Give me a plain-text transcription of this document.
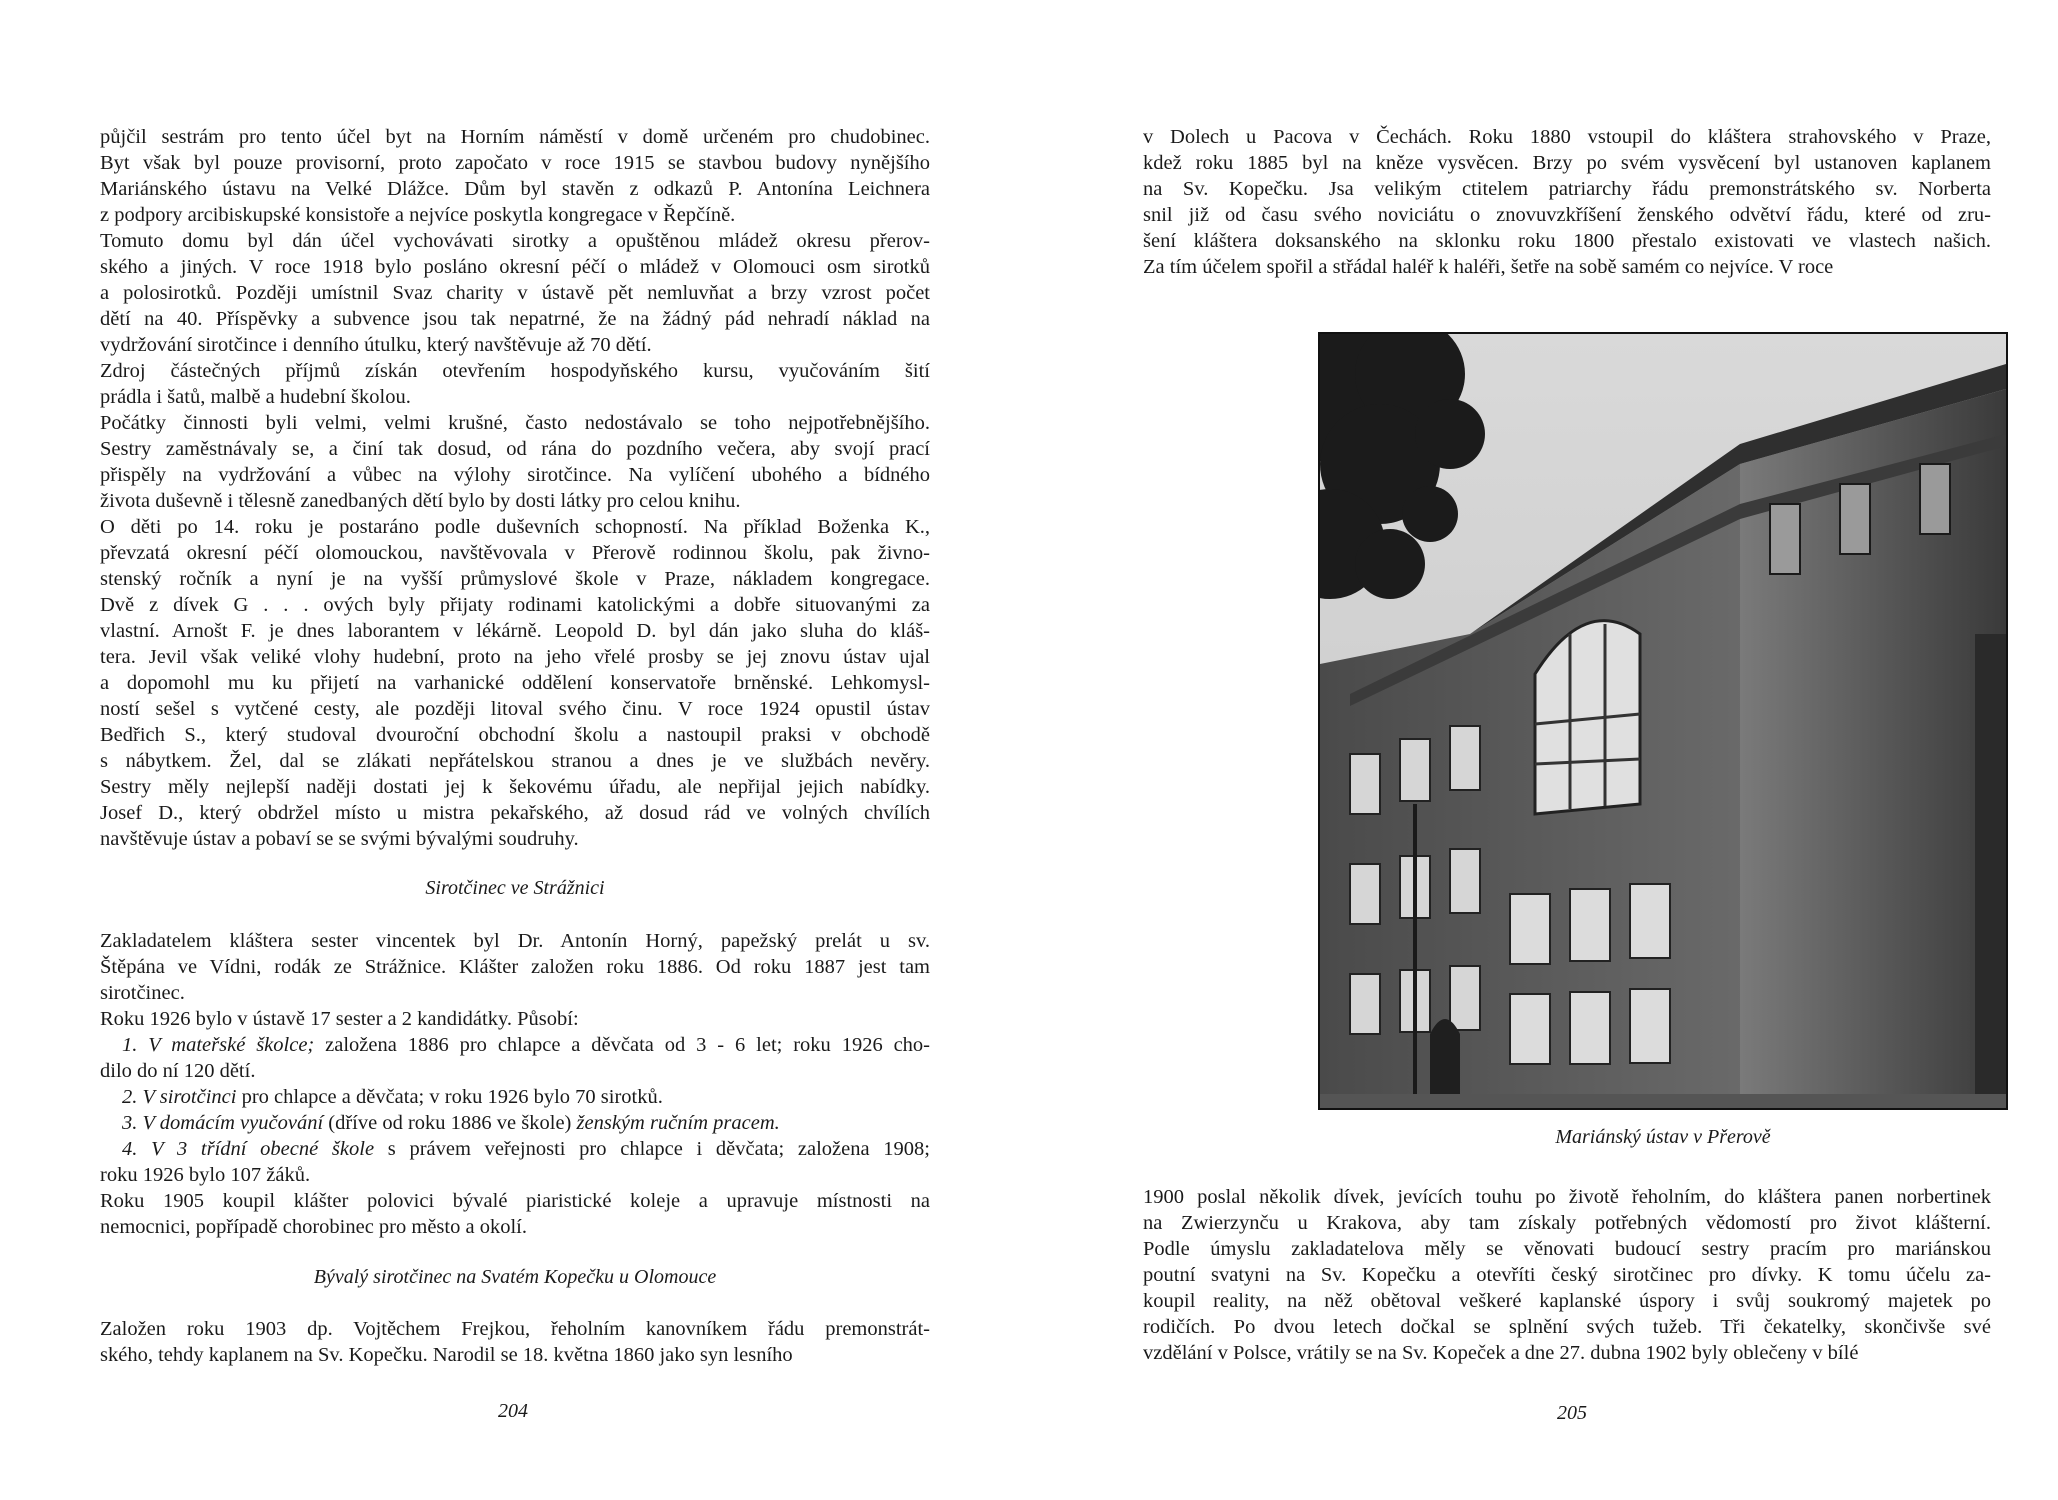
půjčil sestrám pro tento účel byt na Horním náměstí v domě určeném pro chudobinec.
Byt však byl pouze provisorní, proto započato v roce 1915 se stavbou budovy nynějšího
Mariánského ústavu na Velké Dlážce. Dům byl stavěn z odkazů P. Antonína Leichnera
z podpory arcibiskupské konsistoře a nejvíce poskytla kongregace v Řepčíně.
Tomuto domu byl dán účel vychovávati sirotky a opuštěnou mládež okresu přerov-
ského a jiných. V roce 1918 bylo posláno okresní péčí o mládež v Olomouci osm sirotků
a polosirotků. Později umístnil Svaz charity v ústavě pět nemluvňat a brzy vzrost počet
dětí na 40. Příspěvky a subvence jsou tak nepatrné, že na žádný pád nehradí náklad na
vydržování sirotčince i denního útulku, který navštěvuje až 70 dětí.
Zdroj částečných příjmů získán otevřením hospodyňského kursu, vyučováním šití
prádla i šatů, malbě a hudební školou.
Počátky činnosti byli velmi, velmi krušné, často nedostávalo se toho nejpotřebnějšího.
Sestry zaměstnávaly se, a činí tak dosud, od rána do pozdního večera, aby svojí prací
přispěly na vydržování a vůbec na výlohy sirotčince. Na vylíčení ubohého a bídného
života duševně i tělesně zanedbaných dětí bylo by dosti látky pro celou knihu.
O děti po 14. roku je postaráno podle duševních schopností. Na příklad Boženka K.,
převzatá okresní péčí olomouckou, navštěvovala v Přerově rodinnou školu, pak živno-
stenský ročník a nyní je na vyšší průmyslové škole v Praze, nákladem kongregace.
Dvě z dívek G . . . ových byly přijaty rodinami katolickými a dobře situovanými za
vlastní. Arnošt F. je dnes laborantem v lékárně. Leopold D. byl dán jako sluha do kláš-
tera. Jevil však veliké vlohy hudební, proto na jeho vřelé prosby se jej znovu ústav ujal
a dopomohl mu ku přijetí na varhanické oddělení konservatoře brněnské. Lehkomysl-
ností sešel s vytčené cesty, ale později litoval svého činu. V roce 1924 opustil ústav
Bedřich S., který studoval dvouroční obchodní školu a nastoupil praksi v obchodě
s nábytkem. Žel, dal se zlákati nepřátelskou stranou a dnes je ve službách nevěry.
Sestry měly nejlepší naději dostati jej k šekovému úřadu, ale nepřijal jejich nabídky.
Josef D., který obdržel místo u mistra pekařského, až dosud rád ve volných chvílích
navštěvuje ústav a pobaví se se svými bývalými soudruhy.
Sirotčinec ve Strážnici
Zakladatelem kláštera sester vincentek byl Dr. Antonín Horný, papežský prelát u sv.
Štěpána ve Vídni, rodák ze Strážnice. Klášter založen roku 1886. Od roku 1887 jest tam
sirotčinec.
Roku 1926 bylo v ústavě 17 sester a 2 kandidátky. Působí:
1. V mateřské školce; založena 1886 pro chlapce a děvčata od 3 - 6 let; roku 1926 cho-
dilo do ní 120 dětí.
2. V sirotčinci pro chlapce a děvčata; v roku 1926 bylo 70 sirotků.
3. V domácím vyučování (dříve od roku 1886 ve škole) ženským ručním pracem.
4. V 3 třídní obecné škole s právem veřejnosti pro chlapce i děvčata; založena 1908;
roku 1926 bylo 107 žáků.
Roku 1905 koupil klášter polovici bývalé piaristické koleje a upravuje místnosti na
nemocnici, popřípadě chorobinec pro město a okolí.
Bývalý sirotčinec na Svatém Kopečku u Olomouce
Založen roku 1903 dp. Vojtěchem Frejkou, řeholním kanovníkem řádu premonstrát-
ského, tehdy kaplanem na Sv. Kopečku. Narodil se 18. května 1860 jako syn lesního
204
v Dolech u Pacova v Čechách. Roku 1880 vstoupil do kláštera strahovského v Praze,
kdež roku 1885 byl na kněze vysvěcen. Brzy po svém vysvěcení byl ustanoven kaplanem
na Sv. Kopečku. Jsa velikým ctitelem patriarchy řádu premonstrátského sv. Norberta
snil již od času svého noviciátu o znovuvzkříšení ženského odvětví řádu, které od zru-
šení kláštera doksanského na sklonku roku 1800 přestalo existovati ve vlastech našich.
Za tím účelem spořil a střádal haléř k haléři, šetře na sobě samém co nejvíce. V roce
1900 poslal několik dívek, jevících touhu po životě řeholním, do kláštera panen norbertinek
na Zwierzynču u Krakova, aby tam získaly potřebných vědomostí pro život klášterní.
Podle úmyslu zakladatelova měly se věnovati budoucí sestry pracím pro mariánskou
poutní svatyni na Sv. Kopečku a otevříti český sirotčinec pro dívky. K tomu účelu za-
koupil reality, na něž obětoval veškeré kaplanské úspory i svůj soukromý majetek po
rodičích. Po dvou letech dočkal se splnění svých tužeb. Tři čekatelky, skončivše své
vzdělání v Polsce, vrátily se na Sv. Kopeček a dne 27. dubna 1902 byly oblečeny v bílé
205
Mariánský ústav v Přerově
